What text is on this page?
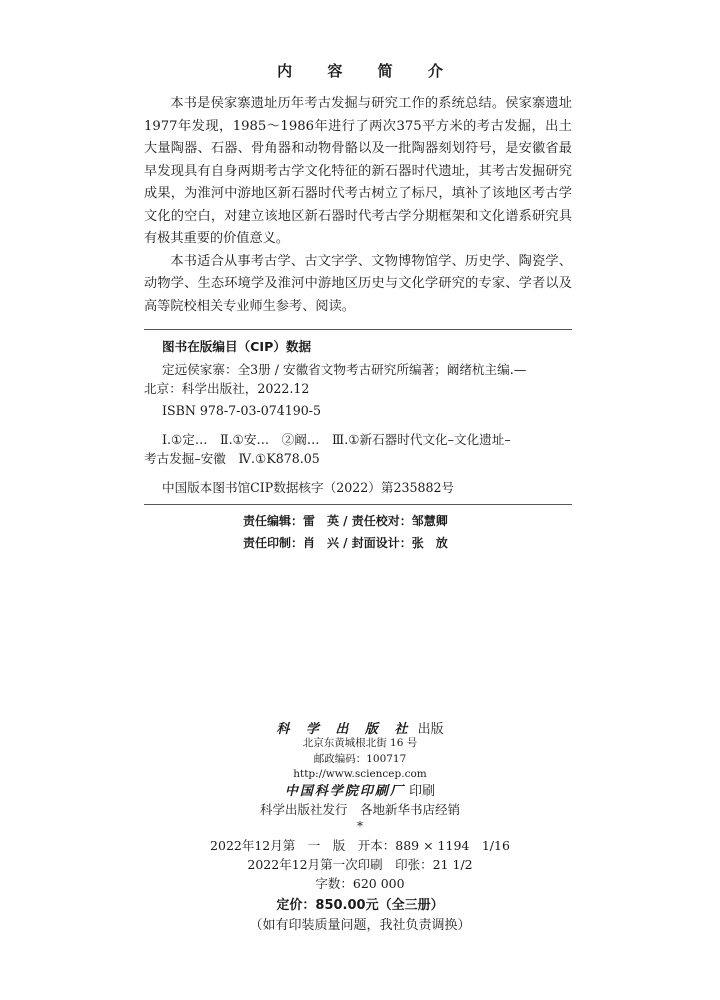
内 容 简 介

本书是侯家寨遗址历年考古发掘与研究工作的系统总结。侯家寨遗址1977年发现，1985～1986年进行了两次375平方米的考古发掘，出土大量陶器、石器、骨角器和动物骨骼以及一批陶器刻划符号，是安徽省最早发现具有自身两期考古学文化特征的新石器时代遗址，其考古发掘研究成果，为淮河中游地区新石器时代考古树立了标尺，填补了该地区考古学文化的空白，对建立该地区新石器时代考古学分期框架和文化谱系研究具有极其重要的价值意义。

本书适合从事考古学、古文字学、文物博物馆学、历史学、陶瓷学、动物学、生态环境学及淮河中游地区历史与文化学研究的专家、学者以及高等院校相关专业师生参考、阅读。

图书在版编目（CIP）数据
定远侯家寨：全3册 / 安徽省文物考古研究所编著；阚绪杭主编.—
北京：科学出版社，2022.12
ISBN 978-7-03-074190-5
Ⅰ.①定…　Ⅱ.①安…　②阚…　Ⅲ.①新石器时代文化–文化遗址–
考古发掘–安徽　Ⅳ.①K878.05
中国版本图书馆CIP数据核字（2022）第235882号
责任编辑：雷　英 / 责任校对：邹慧卿
责任印制：肖　兴 / 封面设计：张　放
科 学 出 版 社 出版
北京东黄城根北街 16 号
邮政编码：100717
http://www.sciencep.com
中国科学院印刷厂 印刷
科学出版社发行　各地新华书店经销
*
2022年12月第　一　版　开本：889 × 1194　1/16
2022年12月第一次印刷　印张：21 1/2
字数：620 000
定价：850.00元（全三册）
（如有印装质量问题，我社负责调换）
